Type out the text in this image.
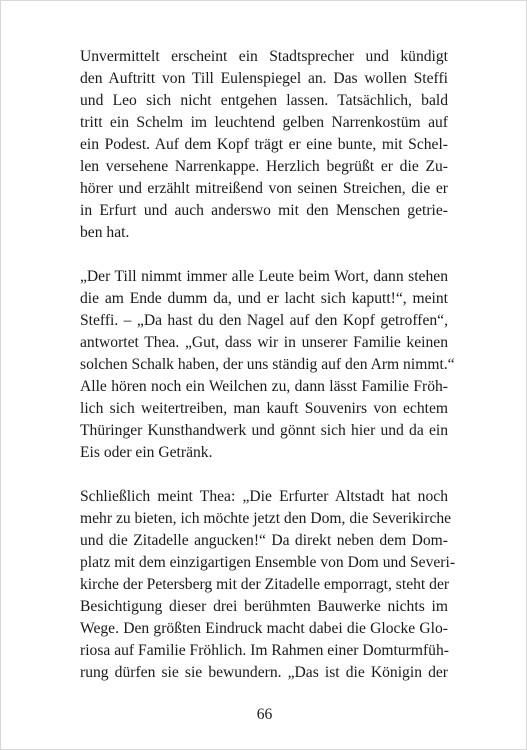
Unvermittelt erscheint ein Stadtsprecher und kündigt
den Auftritt von Till Eulenspiegel an. Das wollen Steffi
und Leo sich nicht entgehen lassen. Tatsächlich, bald
tritt ein Schelm im leuchtend gelben Narrenkostüm auf
ein Podest. Auf dem Kopf trägt er eine bunte, mit Schel-
len versehene Narrenkappe. Herzlich begrüßt er die Zu-
hörer und erzählt mitreißend von seinen Streichen, die er
in Erfurt und auch anderswo mit den Menschen getrie-
ben hat.

„Der Till nimmt immer alle Leute beim Wort, dann stehen
die am Ende dumm da, und er lacht sich kaputt!“, meint
Steffi. – „Da hast du den Nagel auf den Kopf getroffen“,
antwortet Thea. „Gut, dass wir in unserer Familie keinen
solchen Schalk haben, der uns ständig auf den Arm nimmt.“
Alle hören noch ein Weilchen zu, dann lässt Familie Fröh-
lich sich weitertreiben, man kauft Souvenirs von echtem
Thüringer Kunsthandwerk und gönnt sich hier und da ein
Eis oder ein Getränk.

Schließlich meint Thea: „Die Erfurter Altstadt hat noch
mehr zu bieten, ich möchte jetzt den Dom, die Severikirche
und die Zitadelle angucken!“ Da direkt neben dem Dom-
platz mit dem einzigartigen Ensemble von Dom und Severi-
kirche der Petersberg mit der Zitadelle emporragt, steht der
Besichtigung dieser drei berühmten Bauwerke nichts im
Wege. Den größten Eindruck macht dabei die Glocke Glo-
riosa auf Familie Fröhlich. Im Rahmen einer Domturmfüh-
rung dürfen sie sie bewundern. „Das ist die Königin der

66
